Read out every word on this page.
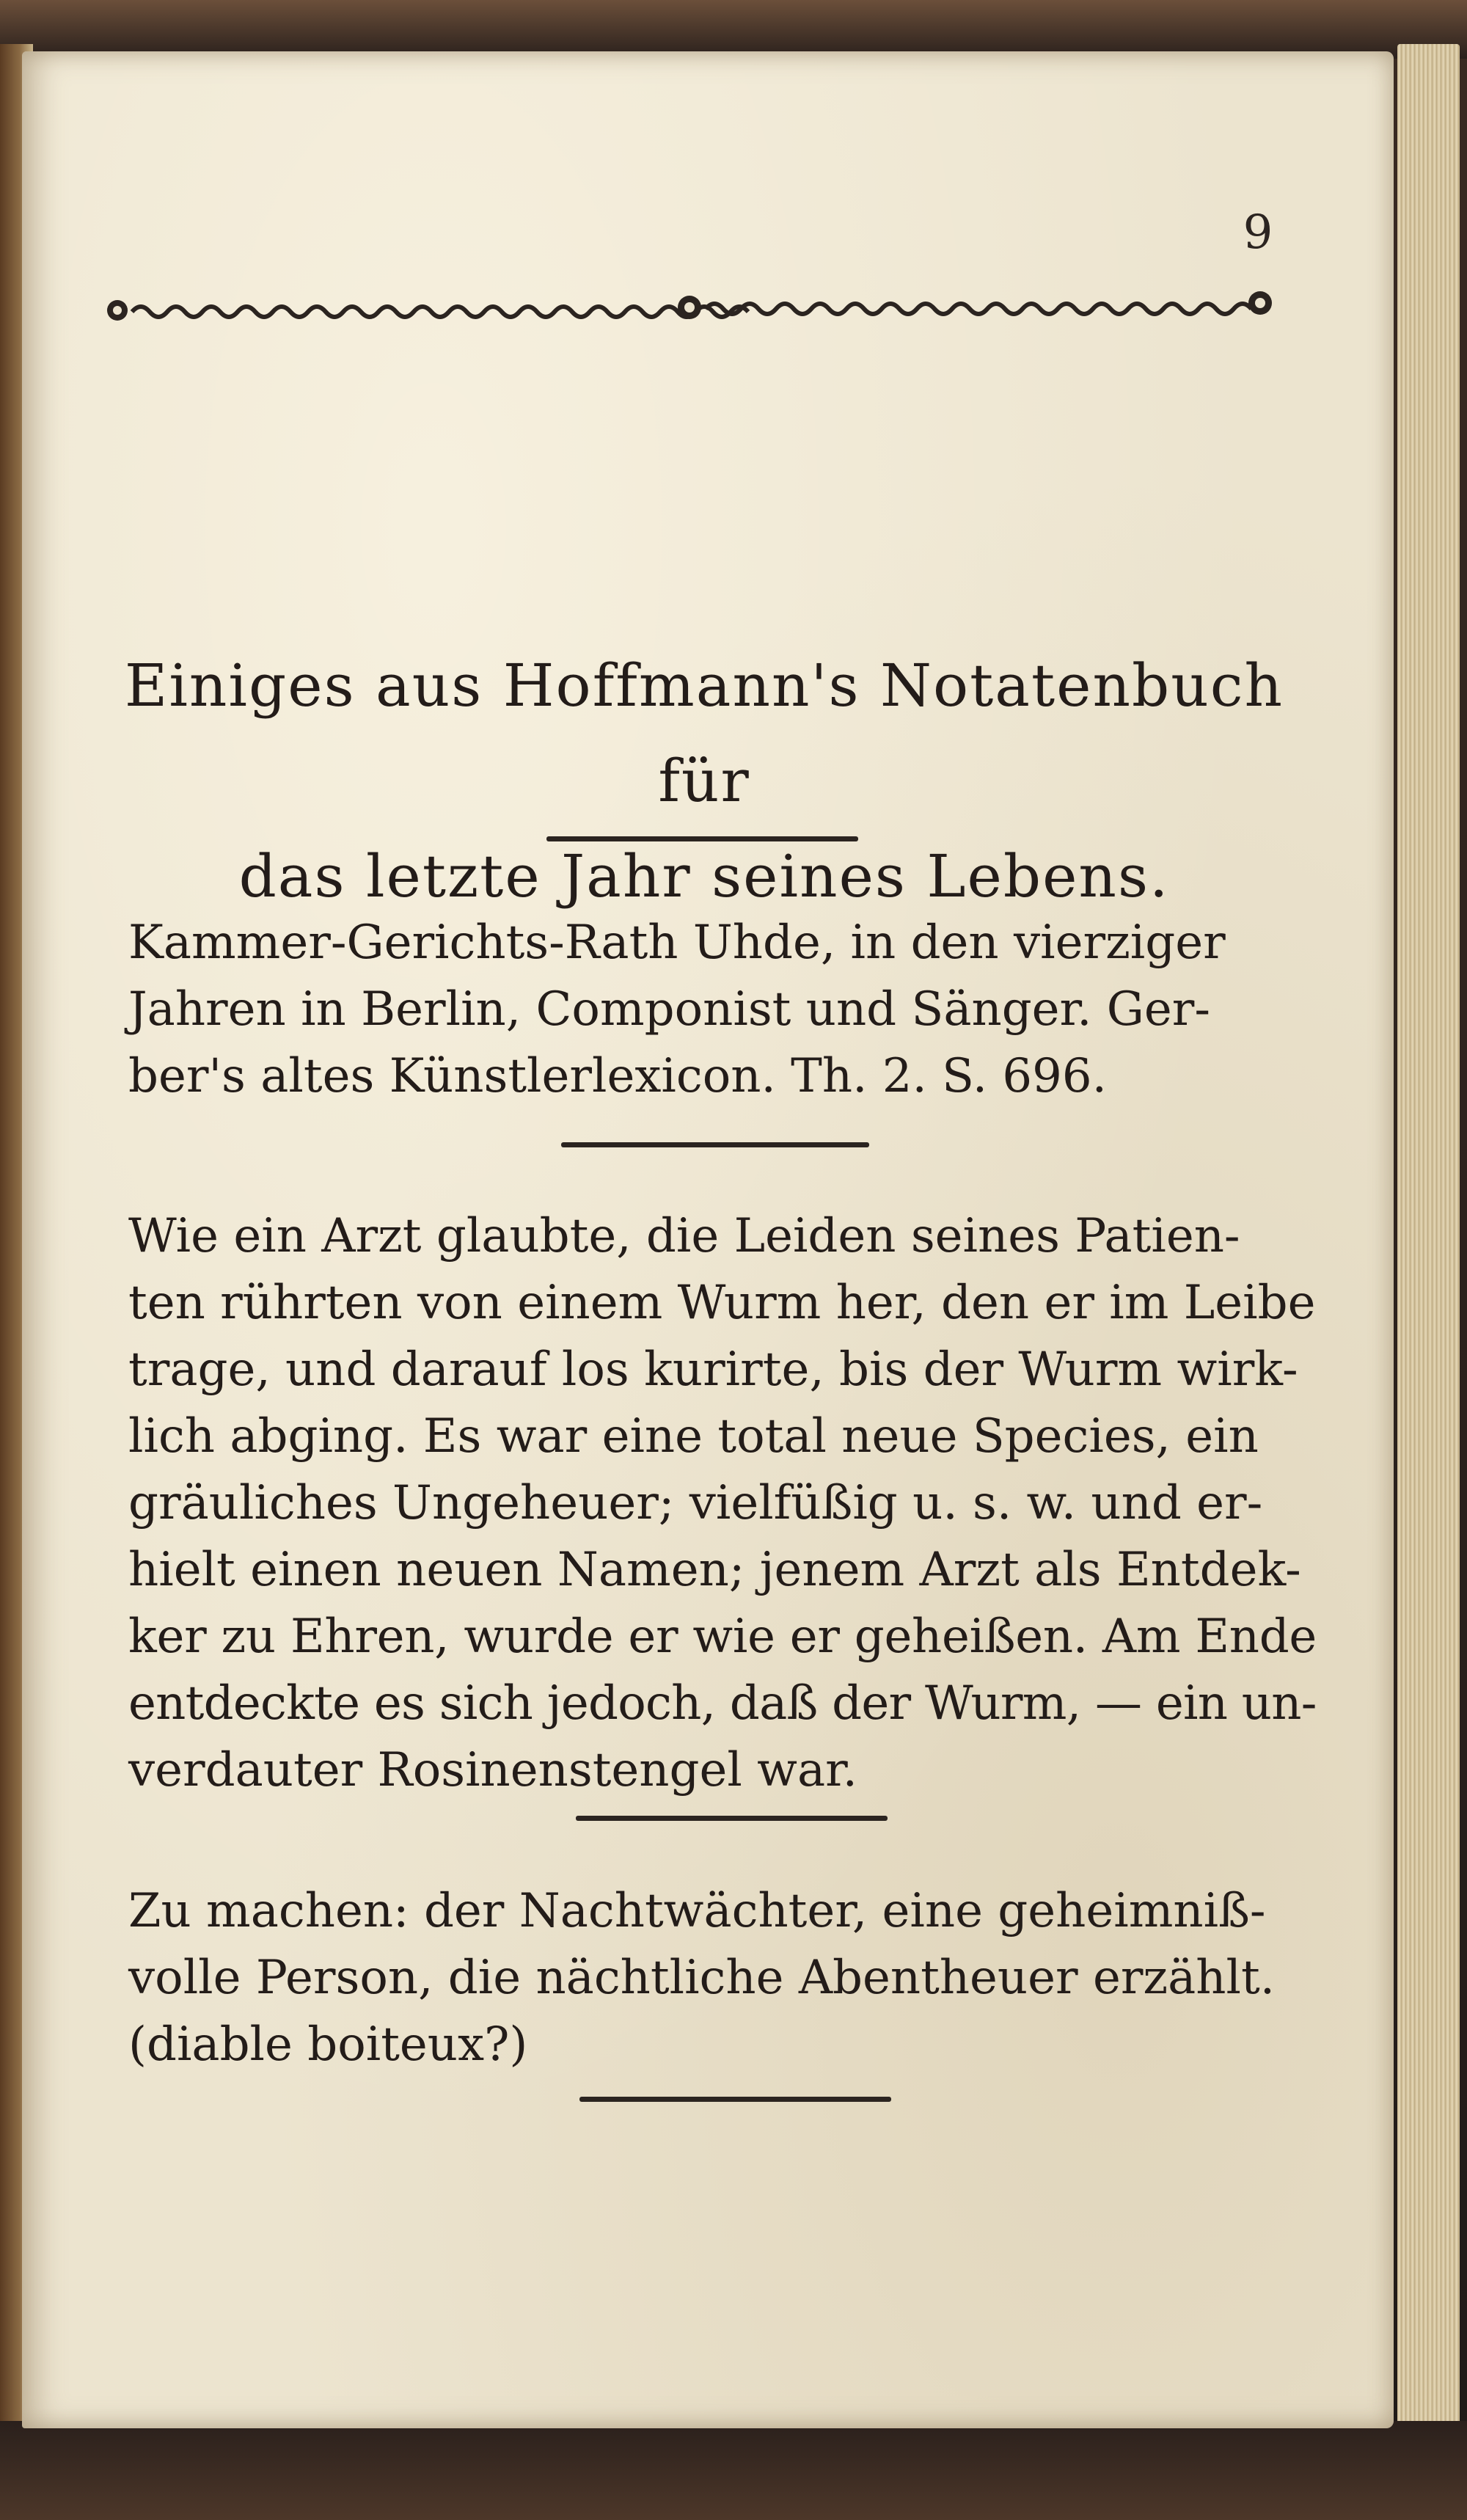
9
Einiges aus Hoffmann's Notatenbuch für
das letzte Jahr seines Lebens.
Kammer-Gerichts-Rath Uhde, in den vierziger
Jahren in Berlin, Componist und Sänger. Ger-
ber's altes Künstlerlexicon. Th. 2. S. 696.
Wie ein Arzt glaubte, die Leiden seines Patien-
ten rührten von einem Wurm her, den er im Leibe
trage, und darauf los kurirte, bis der Wurm wirk-
lich abging. Es war eine total neue Species, ein
gräuliches Ungeheuer; vielfüßig u. s. w. und er-
hielt einen neuen Namen; jenem Arzt als Entdek-
ker zu Ehren, wurde er wie er geheißen. Am Ende
entdeckte es sich jedoch, daß der Wurm, — ein un-
verdauter Rosinenstengel war.
Zu machen: der Nachtwächter, eine geheimniß-
volle Person, die nächtliche Abentheuer erzählt.
(diable boiteux?)
